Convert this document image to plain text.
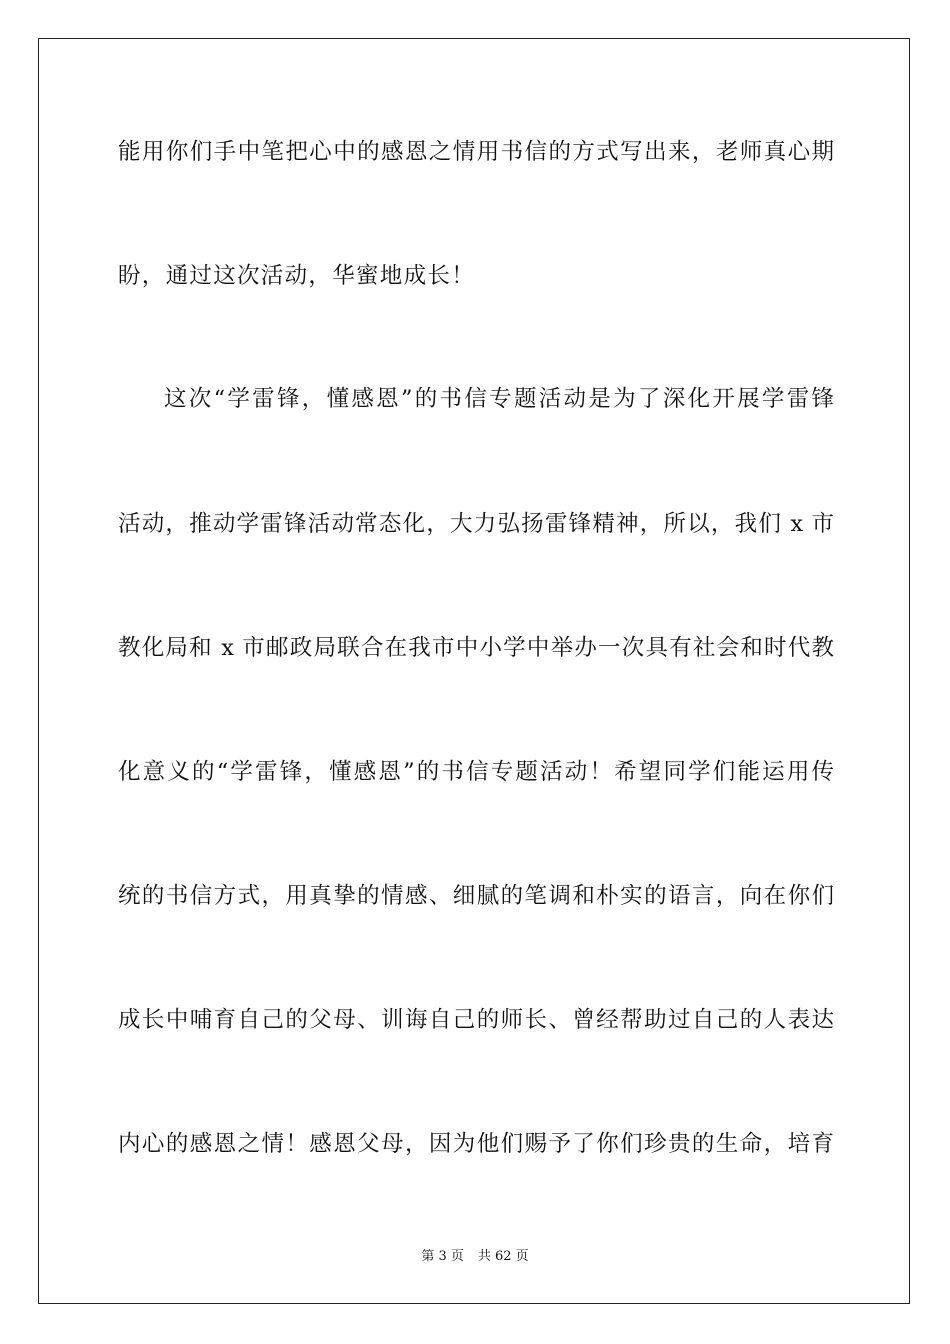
能用你们手中笔把心中的感恩之情用书信的方式写出来，老师真心期
盼，通过这次活动，华蜜地成长！
这次“学雷锋，懂感恩”的书信专题活动是为了深化开展学雷锋
活动，推动学雷锋活动常态化，大力弘扬雷锋精神，所以，我们 x 市
教化局和 x 市邮政局联合在我市中小学中举办一次具有社会和时代教
化意义的“学雷锋，懂感恩”的书信专题活动！希望同学们能运用传
统的书信方式，用真挚的情感、细腻的笔调和朴实的语言，向在你们
成长中哺育自己的父母、训诲自己的师长、曾经帮助过自己的人表达
内心的感恩之情！感恩父母，因为他们赐予了你们珍贵的生命，培育
第 3 页 共 62 页
